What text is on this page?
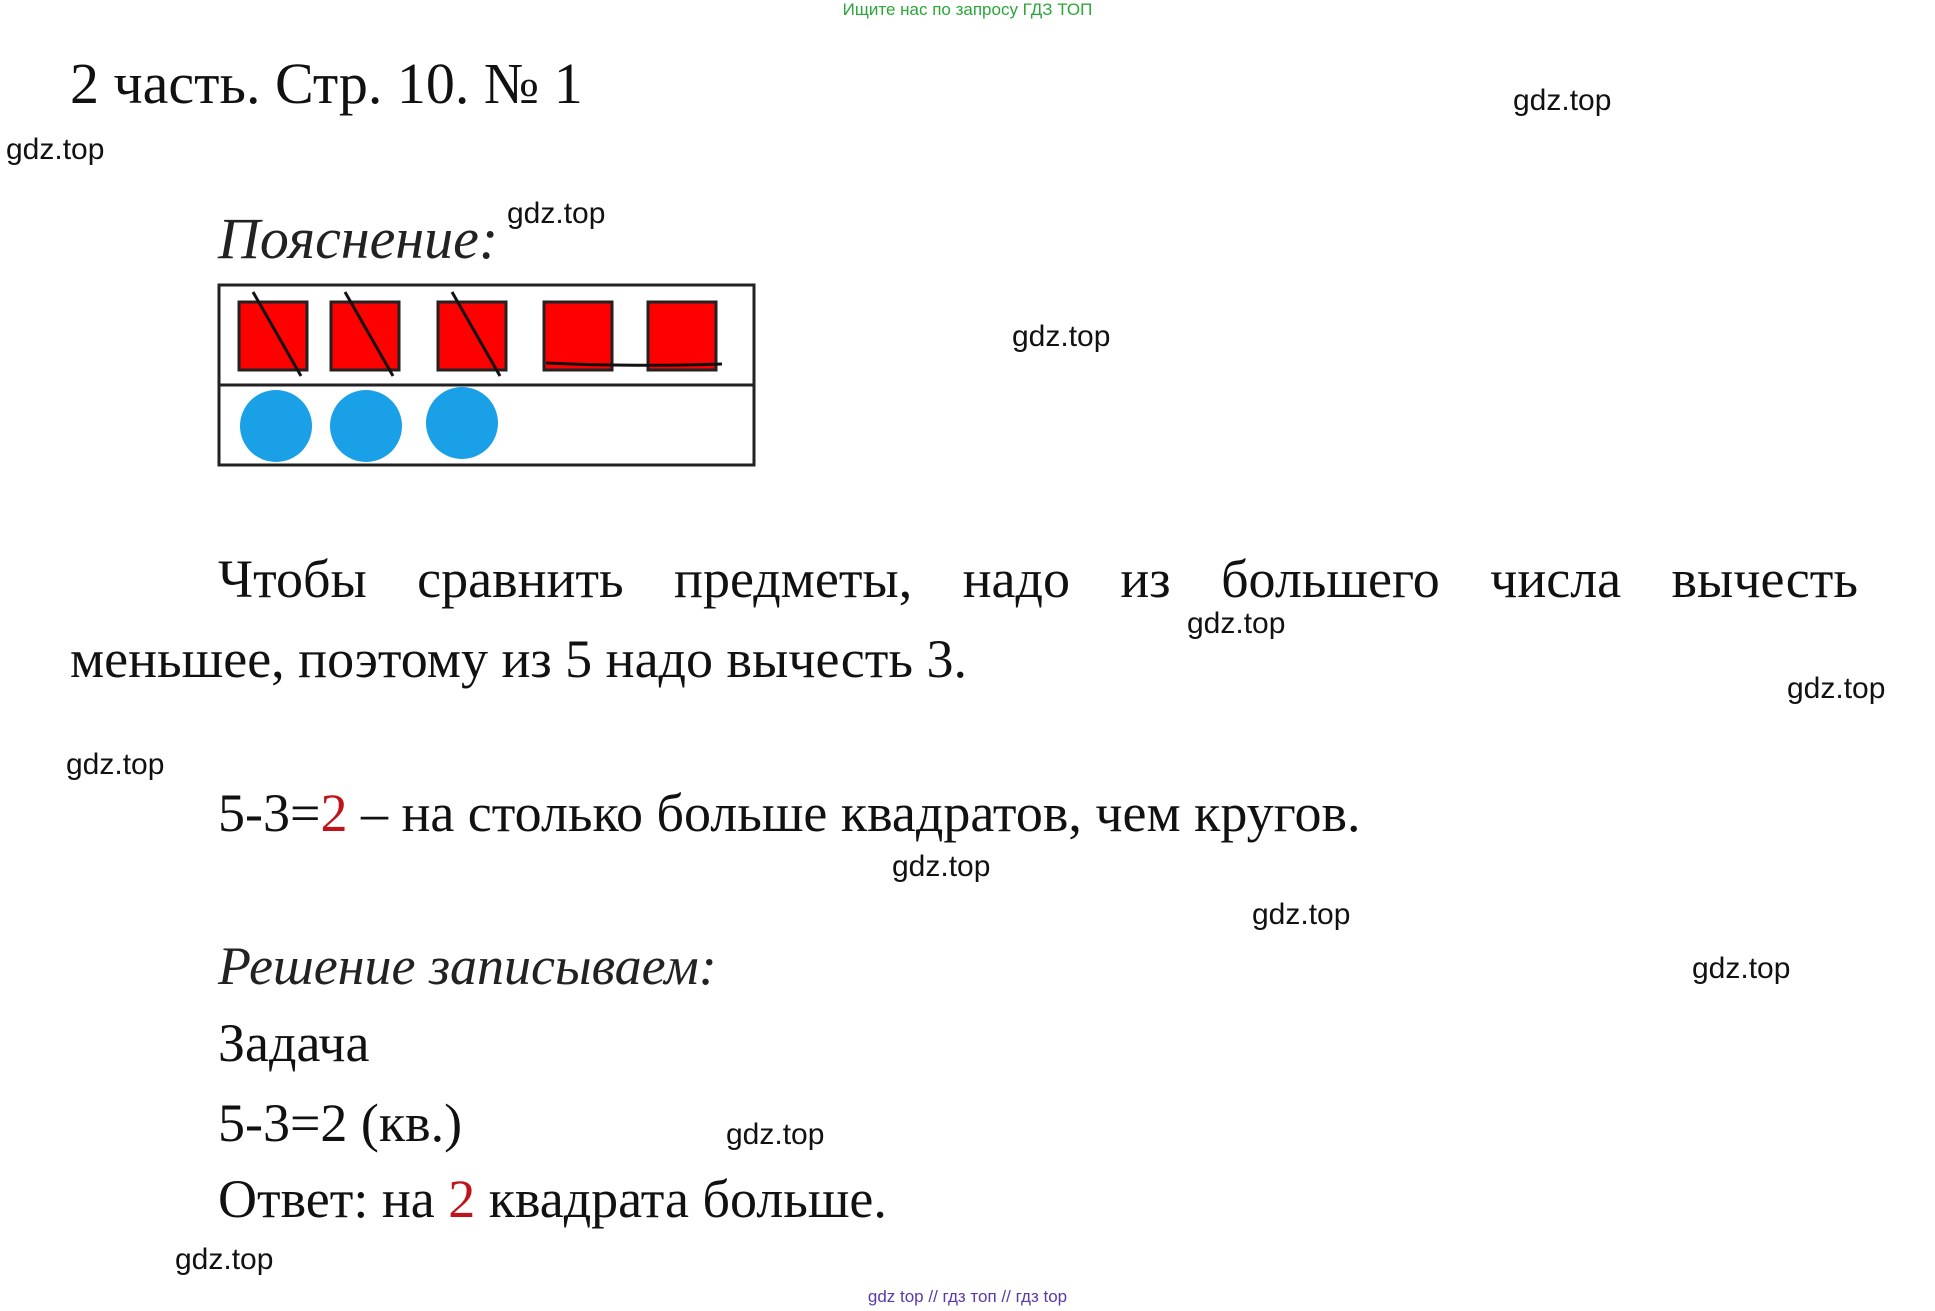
Ищите нас по запросу ГДЗ ТОП
2 часть. Стр. 10. № 1
Пояснение:
Чтобы сравнить предметы, надо из большего числа вычесть
меньшее, поэтому из 5 надо вычесть 3.
5-3=2 – на столько больше квадратов, чем кругов.
Решение записываем:
Задача
5-3=2 (кв.)
Ответ: на 2 квадрата больше.
gdz.top
gdz.top
gdz.top
gdz.top
gdz.top
gdz.top
gdz.top
gdz.top
gdz.top
gdz.top
gdz.top
gdz.top
gdz top // гдз топ // гдз top
